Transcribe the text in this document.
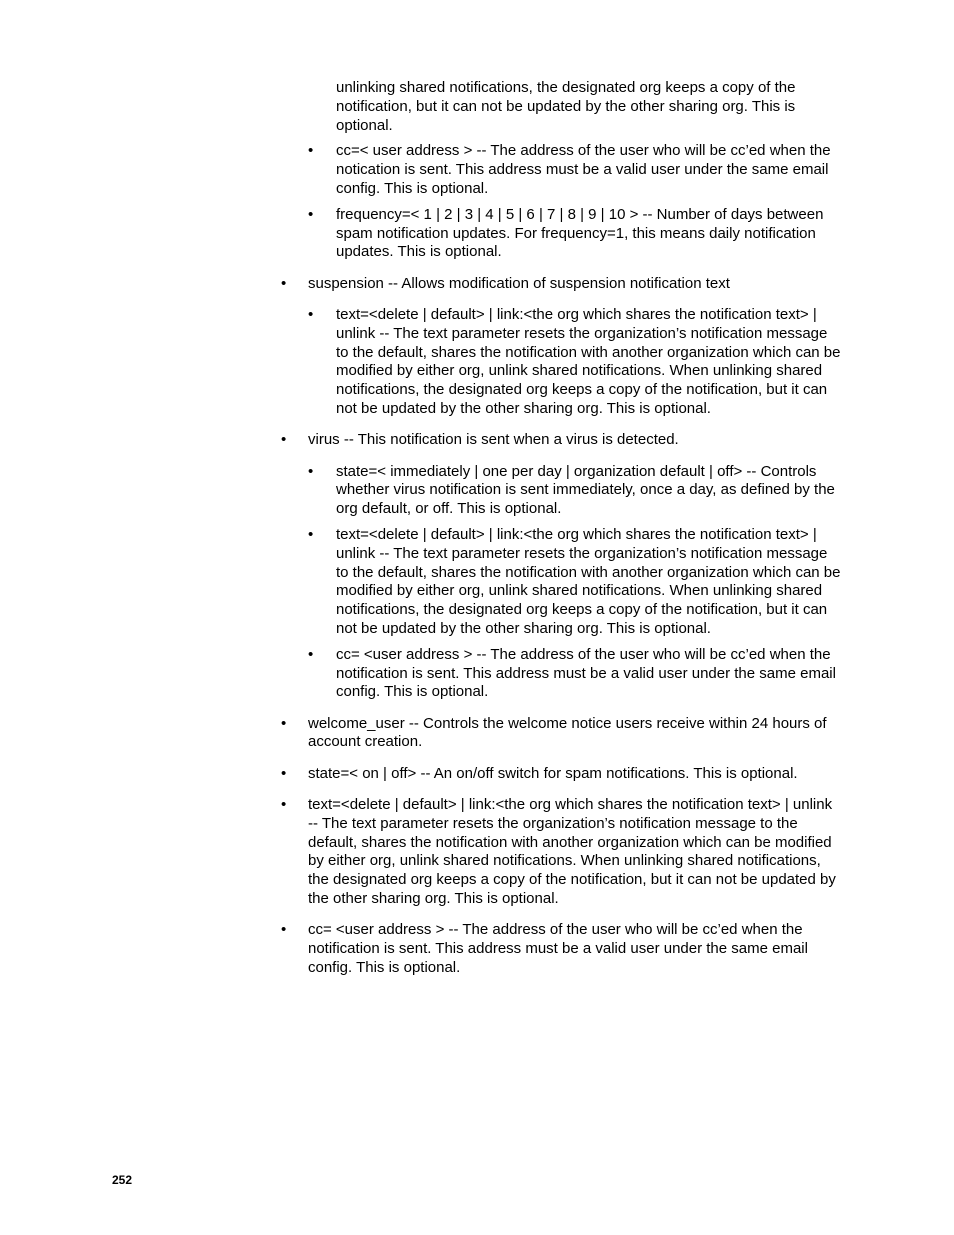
unlinking shared notifications, the designated org keeps a copy of the notification, but it can not be updated by the other sharing org. This is optional.
• cc=< user address > -- The address of the user who will be cc’ed when the notication is sent. This address must be a valid user under the same email config. This is optional.
• frequency=< 1 | 2 | 3 | 4 | 5 | 6 | 7 | 8 | 9 | 10 > -- Number of days between spam notification updates. For frequency=1, this means daily notification updates. This is optional.
• suspension -- Allows modification of suspension notification text
• text=<delete | default> | link:<the org which shares the notification text> | unlink -- The text parameter resets the organization’s notification message to the default, shares the notification with another organization which can be modified by either org, unlink shared notifications. When unlinking shared notifications, the designated org keeps a copy of the notification, but it can not be updated by the other sharing org. This is optional.
• virus -- This notification is sent when a virus is detected.
• state=< immediately | one per day | organization default | off> -- Controls whether virus notification is sent immediately, once a day, as defined by the org default, or off. This is optional.
• text=<delete | default> | link:<the org which shares the notification text> | unlink -- The text parameter resets the organization’s notification message to the default, shares the notification with another organization which can be modified by either org, unlink shared notifications. When unlinking shared notifications, the designated org keeps a copy of the notification, but it can not be updated by the other sharing org. This is optional.
• cc= <user address > -- The address of the user who will be cc’ed when the notification is sent. This address must be a valid user under the same email config. This is optional.
• welcome_user -- Controls the welcome notice users receive within 24 hours of account creation.
• state=< on | off> -- An on/off switch for spam notifications. This is optional.
• text=<delete | default> | link:<the org which shares the notification text> | unlink -- The text parameter resets the organization’s notification message to the default, shares the notification with another organization which can be modified by either org, unlink shared notifications. When unlinking shared notifications, the designated org keeps a copy of the notification, but it can not be updated by the other sharing org. This is optional.
• cc= <user address > -- The address of the user who will be cc’ed when the notification is sent. This address must be a valid user under the same email config. This is optional.
252
